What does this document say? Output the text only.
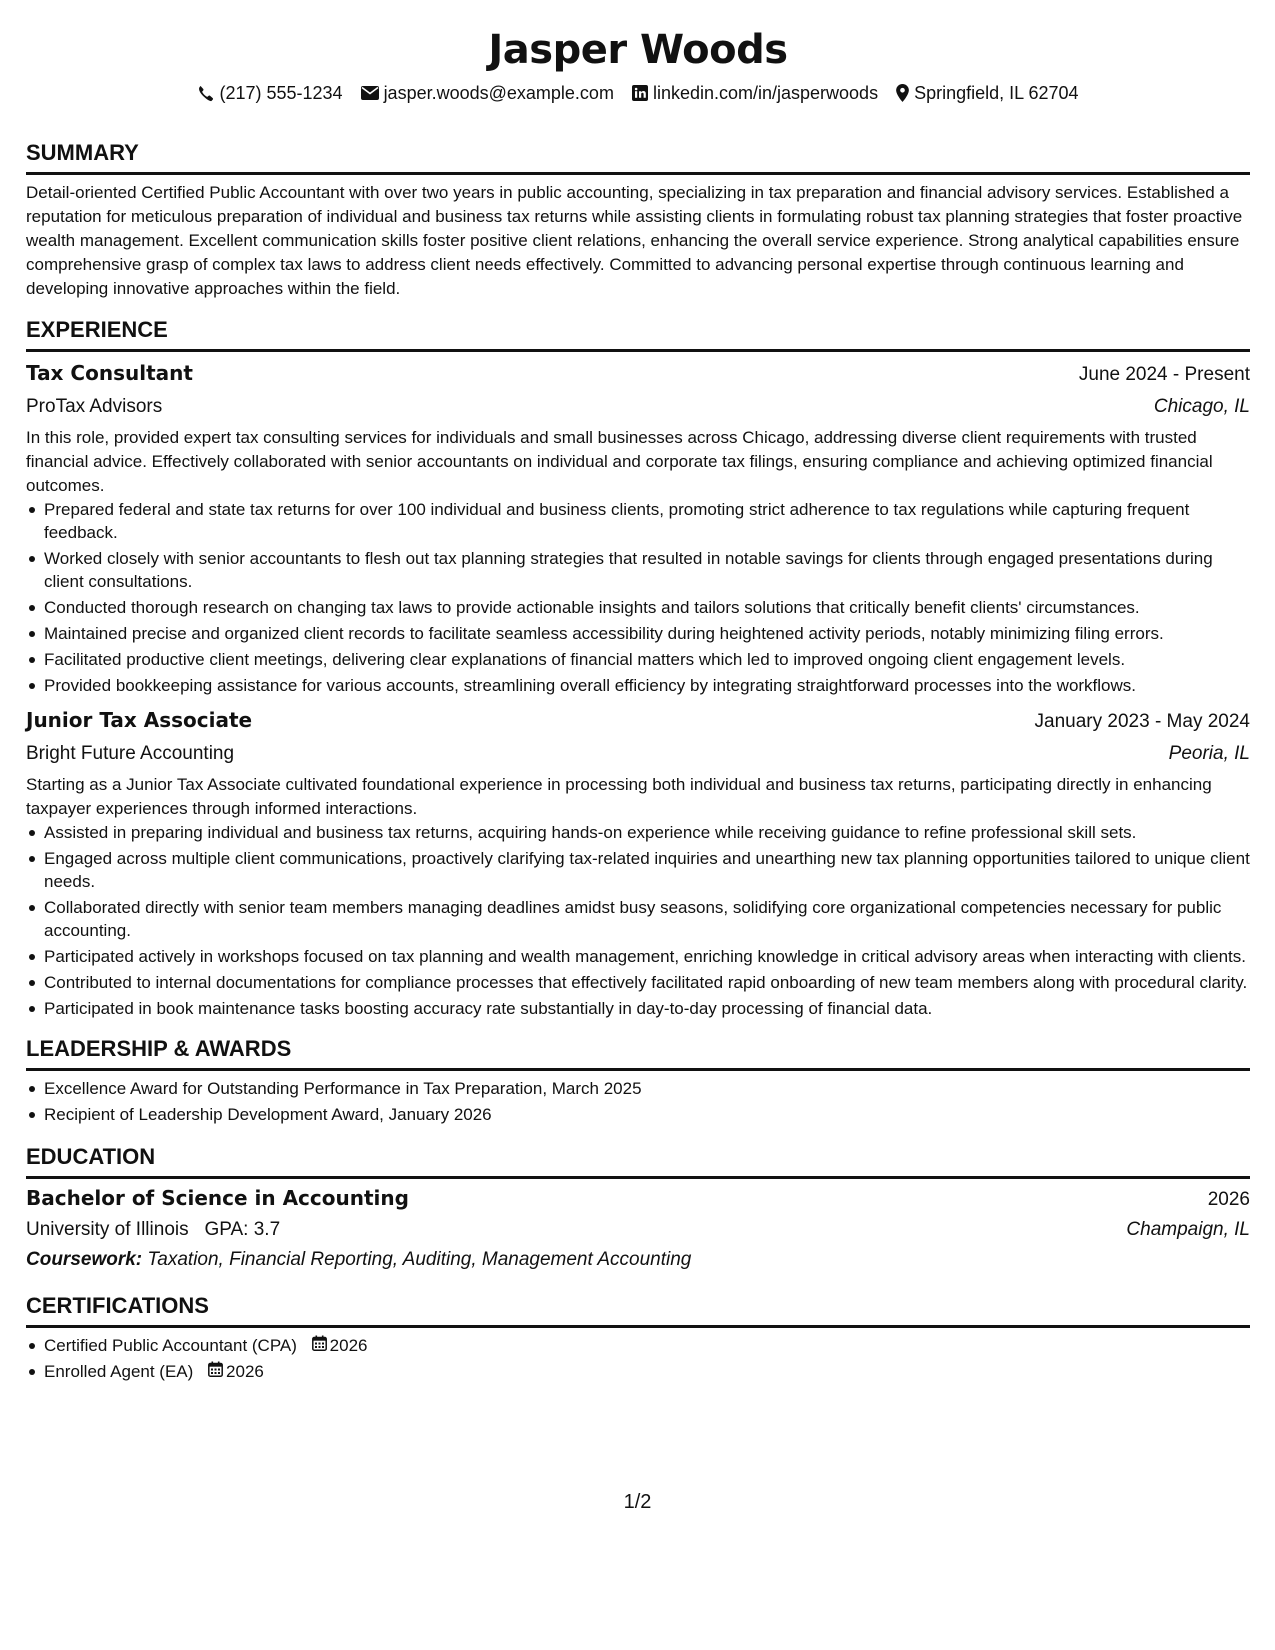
Jasper Woods
(217) 555-1234 jasper.woods@example.com linkedin.com/in/jasperwoods Springfield, IL 62704
SUMMARY
Detail-oriented Certified Public Accountant with over two years in public accounting, specializing in tax preparation and financial advisory services. Established a reputation for meticulous preparation of individual and business tax returns while assisting clients in formulating robust tax planning strategies that foster proactive wealth management. Excellent communication skills foster positive client relations, enhancing the overall service experience. Strong analytical capabilities ensure comprehensive grasp of complex tax laws to address client needs effectively. Committed to advancing personal expertise through continuous learning and developing innovative approaches within the field.
EXPERIENCE
Tax Consultant	June 2024 - Present
ProTax Advisors	Chicago, IL
In this role, provided expert tax consulting services for individuals and small businesses across Chicago, addressing diverse client requirements with trusted financial advice. Effectively collaborated with senior accountants on individual and corporate tax filings, ensuring compliance and achieving optimized financial outcomes.
Prepared federal and state tax returns for over 100 individual and business clients, promoting strict adherence to tax regulations while capturing frequent feedback.
Worked closely with senior accountants to flesh out tax planning strategies that resulted in notable savings for clients through engaged presentations during client consultations.
Conducted thorough research on changing tax laws to provide actionable insights and tailors solutions that critically benefit clients' circumstances.
Maintained precise and organized client records to facilitate seamless accessibility during heightened activity periods, notably minimizing filing errors.
Facilitated productive client meetings, delivering clear explanations of financial matters which led to improved ongoing client engagement levels.
Provided bookkeeping assistance for various accounts, streamlining overall efficiency by integrating straightforward processes into the workflows.
Junior Tax Associate	January 2023 - May 2024
Bright Future Accounting	Peoria, IL
Starting as a Junior Tax Associate cultivated foundational experience in processing both individual and business tax returns, participating directly in enhancing taxpayer experiences through informed interactions.
Assisted in preparing individual and business tax returns, acquiring hands-on experience while receiving guidance to refine professional skill sets.
Engaged across multiple client communications, proactively clarifying tax-related inquiries and unearthing new tax planning opportunities tailored to unique client needs.
Collaborated directly with senior team members managing deadlines amidst busy seasons, solidifying core organizational competencies necessary for public accounting.
Participated actively in workshops focused on tax planning and wealth management, enriching knowledge in critical advisory areas when interacting with clients.
Contributed to internal documentations for compliance processes that effectively facilitated rapid onboarding of new team members along with procedural clarity.
Participated in book maintenance tasks boosting accuracy rate substantially in day-to-day processing of financial data.
LEADERSHIP & AWARDS
Excellence Award for Outstanding Performance in Tax Preparation, March 2025
Recipient of Leadership Development Award, January 2026
EDUCATION
Bachelor of Science in Accounting	2026
University of Illinois GPA: 3.7	Champaign, IL
Coursework: Taxation, Financial Reporting, Auditing, Management Accounting
CERTIFICATIONS
Certified Public Accountant (CPA) 2026
Enrolled Agent (EA) 2026
1/2
